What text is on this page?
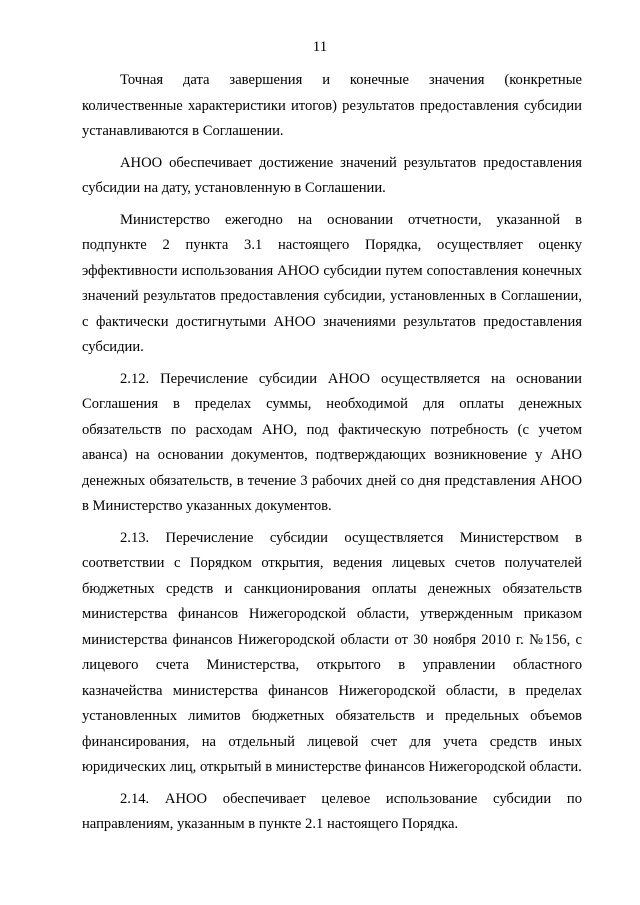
11

Точная дата завершения и конечные значения (конкретные количественные характеристики итогов) результатов предоставления субсидии устанавливаются в Соглашении.

АНОО обеспечивает достижение значений результатов предоставления субсидии на дату, установленную в Соглашении.

Министерство ежегодно на основании отчетности, указанной в подпункте 2 пункта 3.1 настоящего Порядка, осуществляет оценку эффективности использования АНОО субсидии путем сопоставления конечных значений результатов предоставления субсидии, установленных в Соглашении, с фактически достигнутыми АНОО значениями результатов предоставления субсидии.

2.12. Перечисление субсидии АНОО осуществляется на основании Соглашения в пределах суммы, необходимой для оплаты денежных обязательств по расходам АНО, под фактическую потребность (с учетом аванса) на основании документов, подтверждающих возникновение у АНО денежных обязательств, в течение 3 рабочих дней со дня представления АНОО в Министерство указанных документов.

2.13. Перечисление субсидии осуществляется Министерством в соответствии с Порядком открытия, ведения лицевых счетов получателей бюджетных средств и санкционирования оплаты денежных обязательств министерства финансов Нижегородской области, утвержденным приказом министерства финансов Нижегородской области от 30 ноября 2010 г. №156, с лицевого счета Министерства, открытого в управлении областного казначейства министерства финансов Нижегородской области, в пределах установленных лимитов бюджетных обязательств и предельных объемов финансирования, на отдельный лицевой счет для учета средств иных юридических лиц, открытый в министерстве финансов Нижегородской области.

2.14. АНОО обеспечивает целевое использование субсидии по направлениям, указанным в пункте 2.1 настоящего Порядка.
